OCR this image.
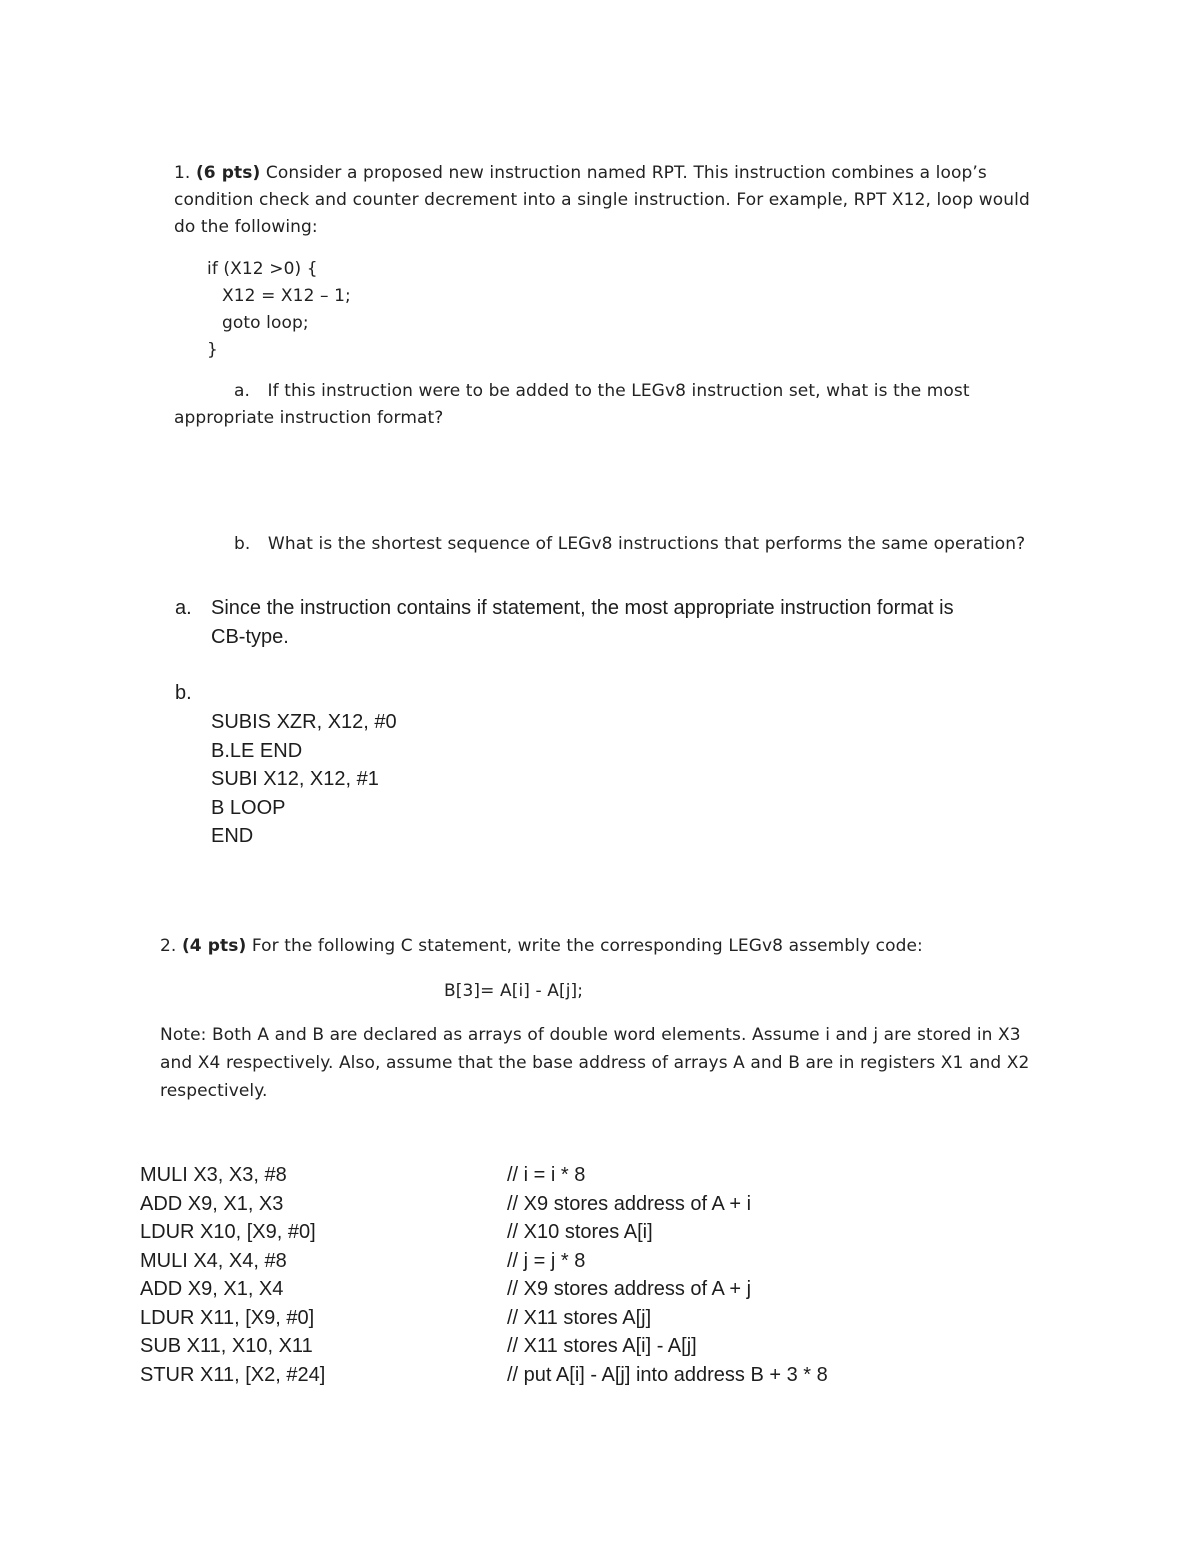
1. (6 pts) Consider a proposed new instruction named RPT. This instruction combines a loop’s
condition check and counter decrement into a single instruction. For example, RPT X12, loop would
do the following:
if (X12 >0) {
X12 = X12 – 1;
goto loop;
}
a. If this instruction were to be added to the LEGv8 instruction set, what is the most
appropriate instruction format?
b. What is the shortest sequence of LEGv8 instructions that performs the same operation?
a. Since the instruction contains if statement, the most appropriate instruction format is
CB-type.
b.
SUBIS XZR, X12, #0
B.LE END
SUBI X12, X12, #1
B LOOP
END
2. (4 pts) For the following C statement, write the corresponding LEGv8 assembly code:
B[3]= A[i] - A[j];
Note: Both A and B are declared as arrays of double word elements. Assume i and j are stored in X3
and X4 respectively. Also, assume that the base address of arrays A and B are in registers X1 and X2
respectively.
MULI X3, X3, #8
ADD X9, X1, X3
LDUR X10, [X9, #0]
MULI X4, X4, #8
ADD X9, X1, X4
LDUR X11, [X9, #0]
SUB X11, X10, X11
STUR X11, [X2, #24]
// i = i * 8
// X9 stores address of A + i
// X10 stores A[i]
// j = j * 8
// X9 stores address of A + j
// X11 stores A[j]
// X11 stores A[i] - A[j]
// put A[i] - A[j] into address B + 3 * 8
